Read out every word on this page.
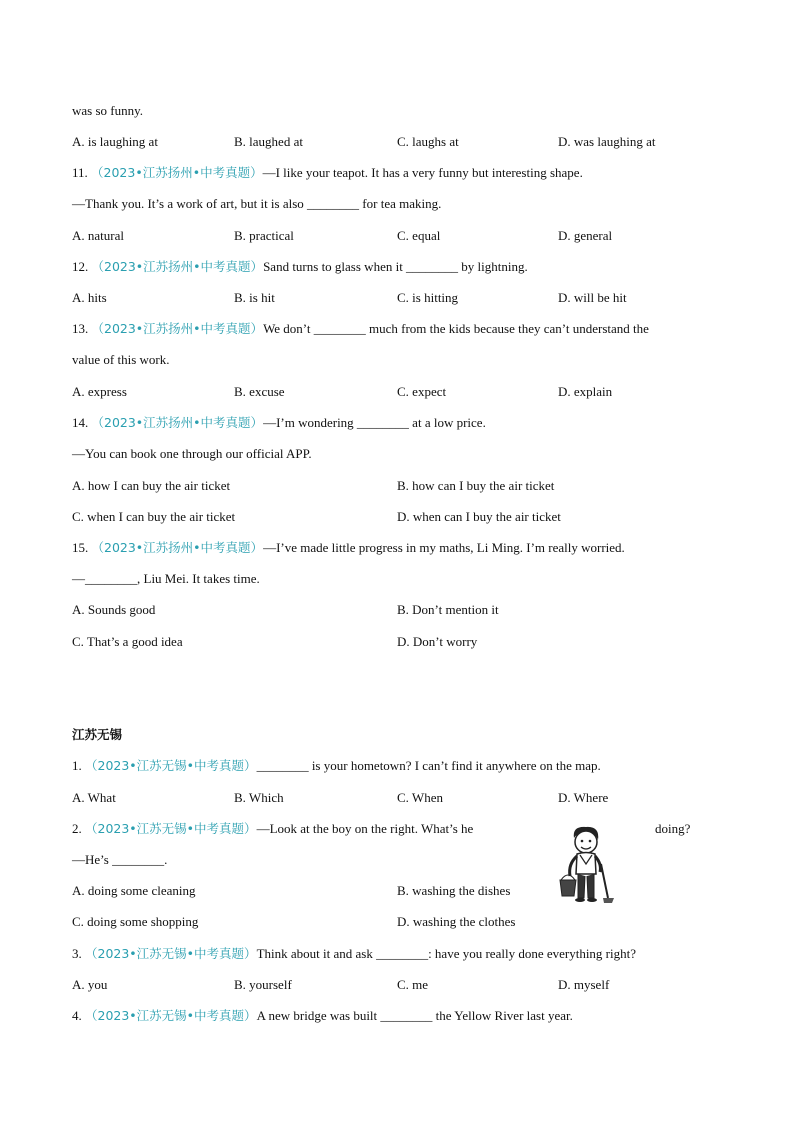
was so funny.
A. is laughing at	B. laughed at	C. laughs at	D. was laughing at
11. （2023•江苏扬州•中考真题）—I like your teapot. It has a very funny but interesting shape.
—Thank you. It’s a work of art, but it is also ________ for tea making.
A. natural	B. practical	C. equal	D. general
12. （2023•江苏扬州•中考真题）Sand turns to glass when it ________ by lightning.
A. hits	B. is hit	C. is hitting	D. will be hit
13. （2023•江苏扬州•中考真题）We don’t ________ much from the kids because they can’t understand the
value of this work.
A. express	B. excuse	C. expect	D. explain
14. （2023•江苏扬州•中考真题）—I’m wondering ________ at a low price.
—You can book one through our official APP.
A. how I can buy the air ticket	B. how can I buy the air ticket
C. when I can buy the air ticket	D. when can I buy the air ticket
15. （2023•江苏扬州•中考真题）—I’ve made little progress in my maths, Li Ming. I’m really worried.
—________, Liu Mei. It takes time.
A. Sounds good	B. Don’t mention it
C. That’s a good idea	D. Don’t worry
江苏无锡
1. （2023•江苏无锡•中考真题）________ is your hometown? I can’t find it anywhere on the map.
A. What	B. Which	C. When	D. Where
2. （2023•江苏无锡•中考真题）—Look at the boy on the right. What’s he	doing?
—He’s ________.
A. doing some cleaning	B. washing the dishes
C. doing some shopping	D. washing the clothes
3. （2023•江苏无锡•中考真题）Think about it and ask ________: have you really done everything right?
A. you	B. yourself	C. me	D. myself
4. （2023•江苏无锡•中考真题）A new bridge was built ________ the Yellow River last year.
